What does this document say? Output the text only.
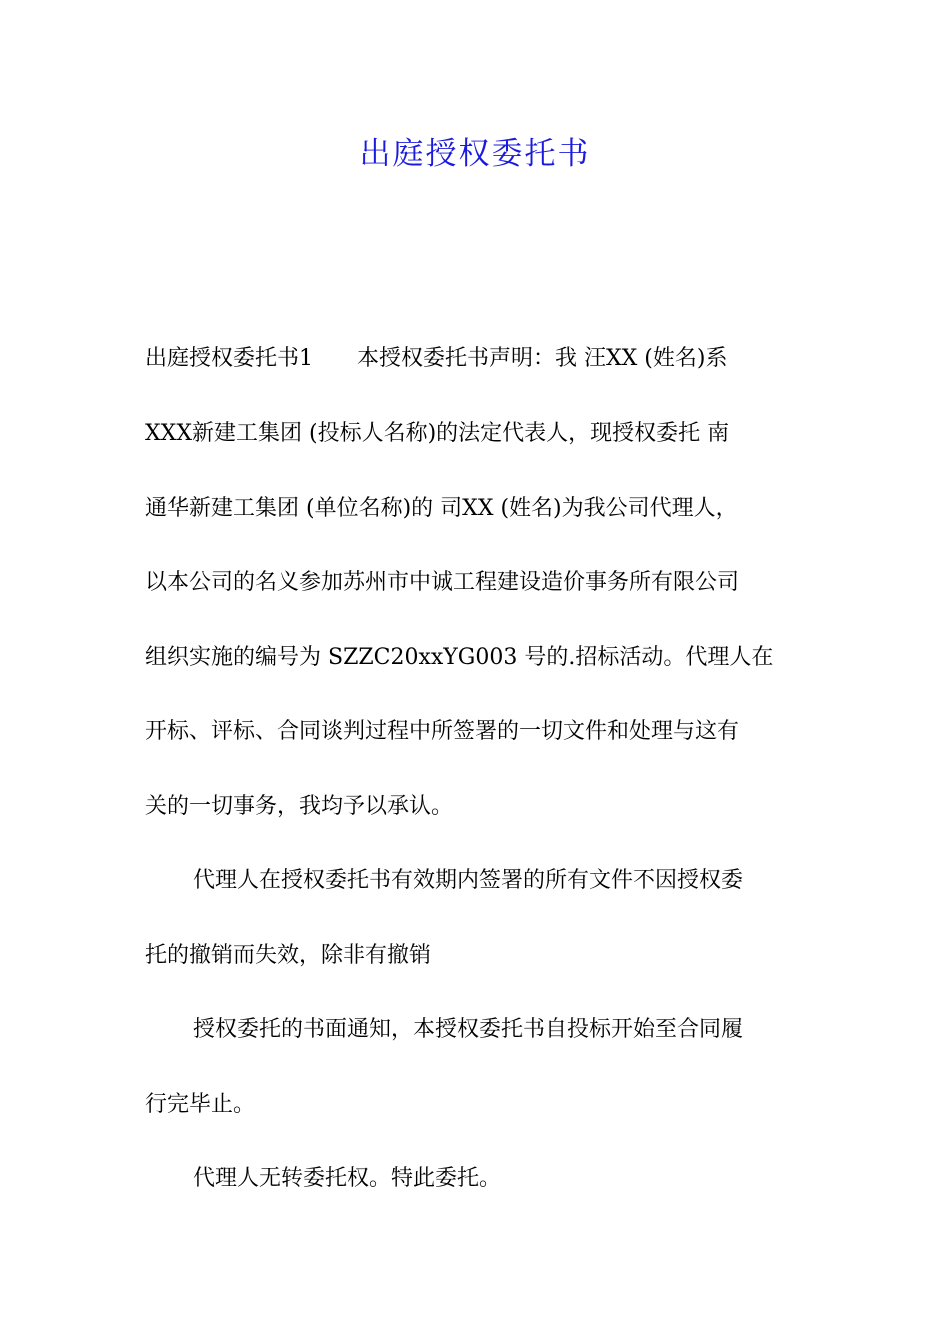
出庭授权委托书
出庭授权委托书1　　本授权委托书声明：我 汪XX (姓名)系
XXX新建工集团 (投标人名称)的法定代表人，现授权委托 南
通华新建工集团 (单位名称)的 司XX (姓名)为我公司代理人，
以本公司的名义参加苏州市中诚工程建设造价事务所有限公司
组织实施的编号为 SZZC20xxYG003 号的.招标活动。代理人在
开标、评标、合同谈判过程中所签署的一切文件和处理与这有
关的一切事务，我均予以承认。
代理人在授权委托书有效期内签署的所有文件不因授权委
托的撤销而失效，除非有撤销
授权委托的书面通知，本授权委托书自投标开始至合同履
行完毕止。
代理人无转委托权。特此委托。
